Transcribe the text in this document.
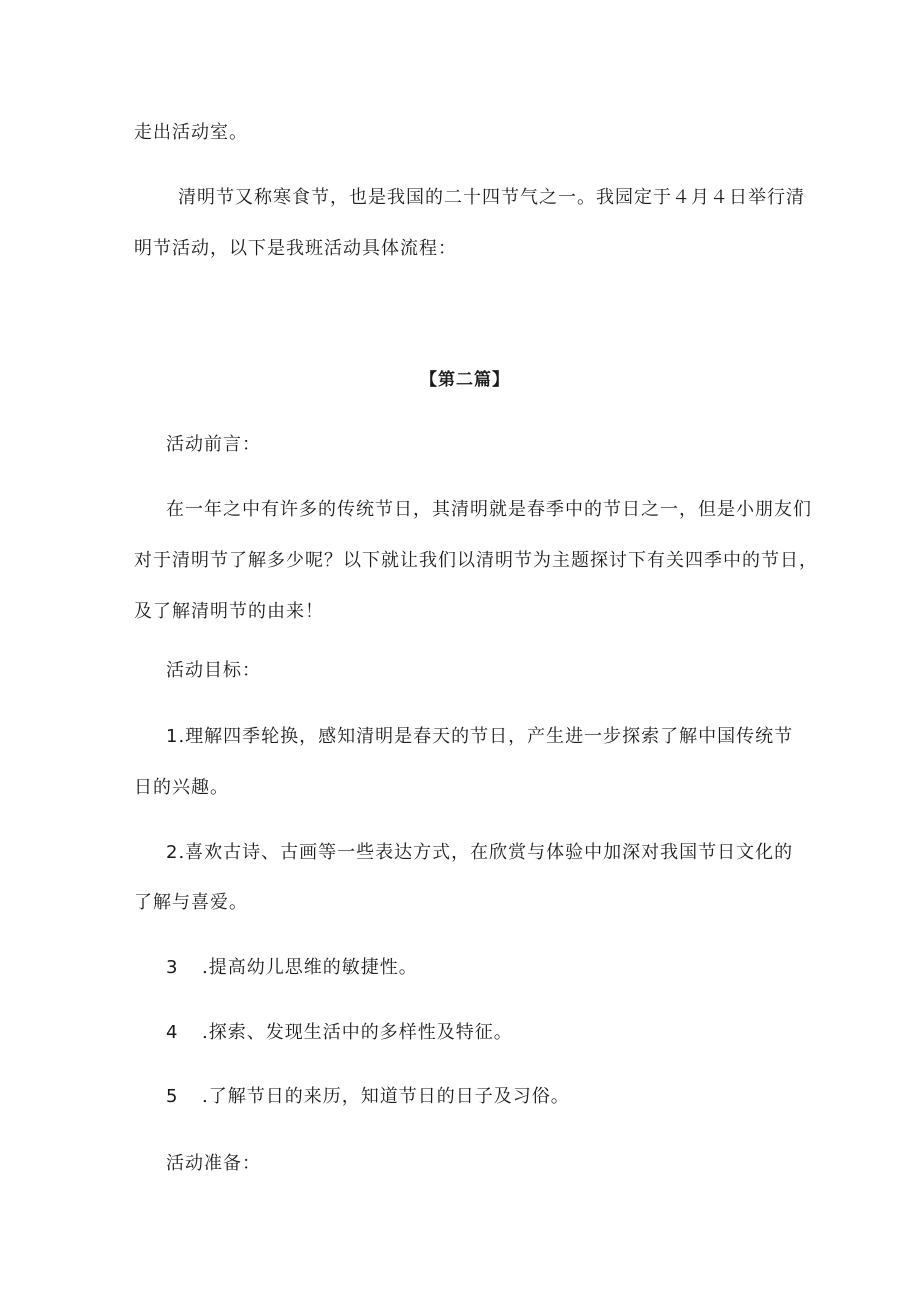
走出活动室。
清明节又称寒食节，也是我国的二十四节气之一。我园定于４月４日举行清
明节活动，以下是我班活动具体流程：
【第二篇】
活动前言：
在一年之中有许多的传统节日，其清明就是春季中的节日之一，但是小朋友们
对于清明节了解多少呢？以下就让我们以清明节为主题探讨下有关四季中的节日，
及了解清明节的由来！
活动目标：
1.理解四季轮换，感知清明是春天的节日，产生进一步探索了解中国传统节
日的兴趣。
2.喜欢古诗、古画等一些表达方式，在欣赏与体验中加深对我国节日文化的
了解与喜爱。
3 .提高幼儿思维的敏捷性。
4 .探索、发现生活中的多样性及特征。
5 .了解节日的来历，知道节日的日子及习俗。
活动准备：
